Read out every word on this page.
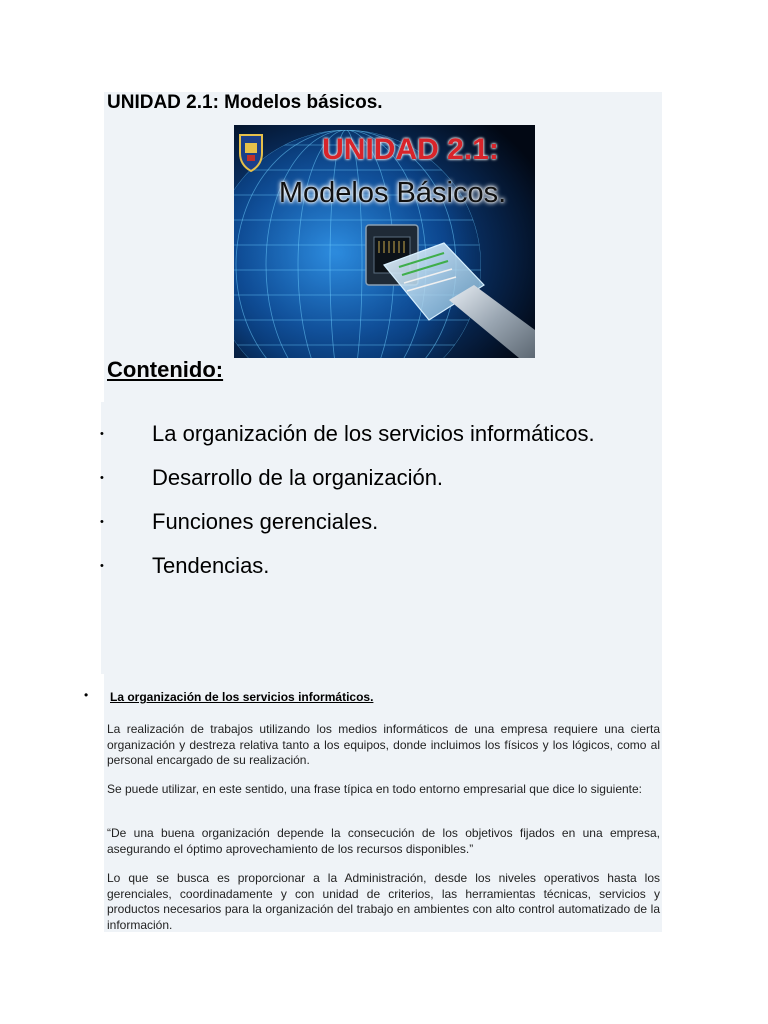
UNIDAD 2.1: Modelos básicos.
UNIDAD 2.1:
Modelos Básicos.
Contenido:
• La organización de los servicios informáticos.
• Desarrollo de la organización.
• Funciones gerenciales.
• Tendencias.
• La organización de los servicios informáticos.

La realización de trabajos utilizando los medios informáticos de una empresa requiere una cierta organización y destreza relativa tanto a los equipos, donde incluimos los físicos y los lógicos, como al personal encargado de su realización.

Se puede utilizar, en este sentido, una frase típica en todo entorno empresarial que dice lo siguiente:

“De una buena organización depende la consecución de los objetivos fijados en una empresa, asegurando el óptimo aprovechamiento de los recursos disponibles.”

Lo que se busca es proporcionar a la Administración, desde los niveles operativos hasta los gerenciales, coordinadamente y con unidad de criterios, las herramientas técnicas, servicios y productos necesarios para la organización del trabajo en ambientes con alto control automatizado de la información.
